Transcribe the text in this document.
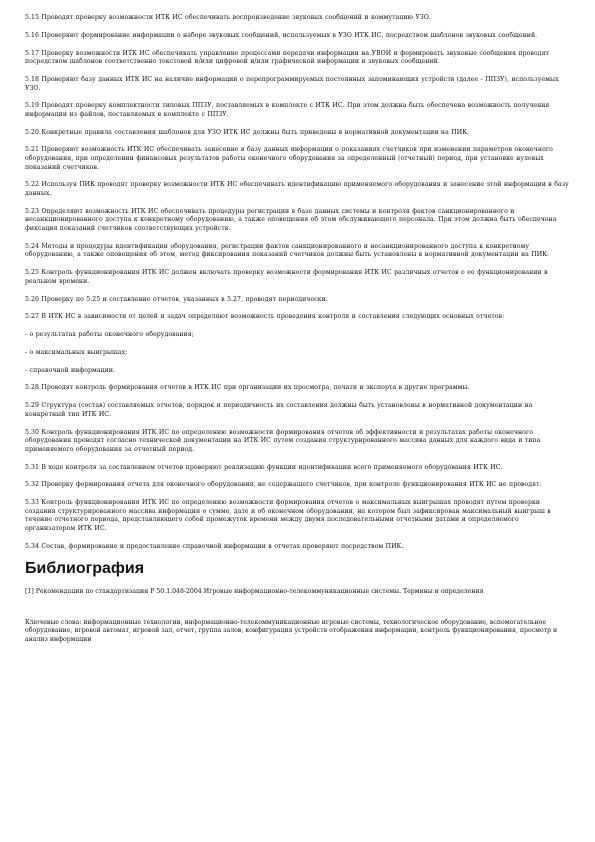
5.15 Проводят проверку возможности ИТК ИС обеспечивать воспроизведение звуковых сообщений и коммутацию УЗО.

5.16 Проверяют формирование информации о наборе звуковых сообщений, используемых в УЗО ИТК ИС, посредством шаблонов звуковых сообщений.

5.17 Проверку возможности ИТК ИС обеспечивать управление процессами передачи информации на УВОИ и формировать звуковые сообщения проводят посредством шаблонов соответственно текстовой и/или цифровой и/или графической информации и звуковых сообщений.

5.18 Проверяют базу данных ИТК ИС на наличие информации о перепрограммируемых постоянных запоминающих устройств (далее - ППЗУ), используемых УЗО.

5.19 Проводят проверку комплектности типовых ППЗУ, поставляемых в комплекте с ИТК ИС. При этом должна быть обеспечена возможность получения информации из файлов, поставляемых в комплекте с ППЗУ.

5.20 Конкретные правила составления шаблонов для УЗО ИТК ИС должны быть приведены в нормативной документации на ПИК.

5.21 Проверяют возможность ИТК ИС обеспечивать занесение в базу данных информации о показаниях счетчиков при изменении параметров оконечного оборудования, при определении финансовых результатов работы оконечного оборудования за определенный (отчетный) период, при установке нулевых показаний счетчиков.

5.22 Используя ПИК проводят проверку возможности ИТК ИС обеспечивать идентификацию применяемого оборудования и занесение этой информации в базу данных.

5.23 Определяют возможность ИТК ИС обеспечивать процедуры регистрации в базе данных системы и контроля фактов санкционированного и несанкционированного доступа к конкретному оборудованию, а также оповещения об этом обслуживающего персонала. При этом должна быть обеспечена фиксация показаний счетчиков соответствующих устройств.

5.24 Методы и процедуры идентификации оборудования, регистрации фактов санкционированного и несанкционированного доступа к конкретному оборудованию, а также оповещения об этом, метод фиксирования показаний счетчиков должны быть установлены в нормативной документации на ПИК.

5.25 Контроль функционирования ИТК ИС должен включать проверку возможности формирования ИТК ИС различных отчетов о ее функционировании в реальном времени.

5.26 Проверку по 5.25 и составление отчетов, указанных в 5.27, проводят периодически.

5.27 В ИТК ИС в зависимости от целей и задач определяют возможность проведения контроля и составления следующих основных отчетов:

- о результатах работы оконечного оборудования;

- о максимальных выигрышах;

- справочной информации.

5.28 Проводят контроль формирования отчетов в ИТК ИС при организации их просмотра, печати и экспорта в другие программы.

5.29 Структура (состав) составляемых отчетов, порядок и периодичность их составления должны быть установлены в нормативной документации на конкретный тип ИТК ИС.

5.30 Контроль функционирования ИТК ИС по определению возможности формирования отчетов об эффективности и результатах работы оконечного оборудования проводят согласно технической документации на ИТК ИС путем создания структурированного массива данных для каждого вида и типа применяемого оборудования за отчетный период.

5.31 В ходе контроля за составлением отчетов проверяют реализацию функции идентификации всего применяемого оборудования ИТК ИС.

5.32 Проверку формирования отчета для оконечного оборудования, не содержащего счетчиков, при контроле функционирования ИТК ИС не проводят.

5.33 Контроль функционирования ИТК ИС по определению возможности формирования отчетов о максимальных выигрышах проводят путем проверки создания структурированного массива информации о сумме, дате и об оконечном оборудовании, на котором был зафиксирован максимальный выигрыш в течение отчетного периода, представляющего собой промежуток времени между двумя последовательными отчетными датами и определяемого организатором ИТК ИС.

5.34 Состав, формирование и предоставление справочной информации в отчетах проверяют посредством ПИК.

Библиография

[1] Рекомендации по стандартизации Р 50.1.048-2004 Игровые информационно-телекоммуникационные системы. Термины и определения

Ключевые слова: информационные технологии, информационно-телекоммуникационные игровые системы, технологическое оборудование, вспомогательное оборудование, игровой автомат, игровой зал, отчет, группа залов, конфигурация устройств отображения информации, контроль функционирования, просмотр и анализ информации
